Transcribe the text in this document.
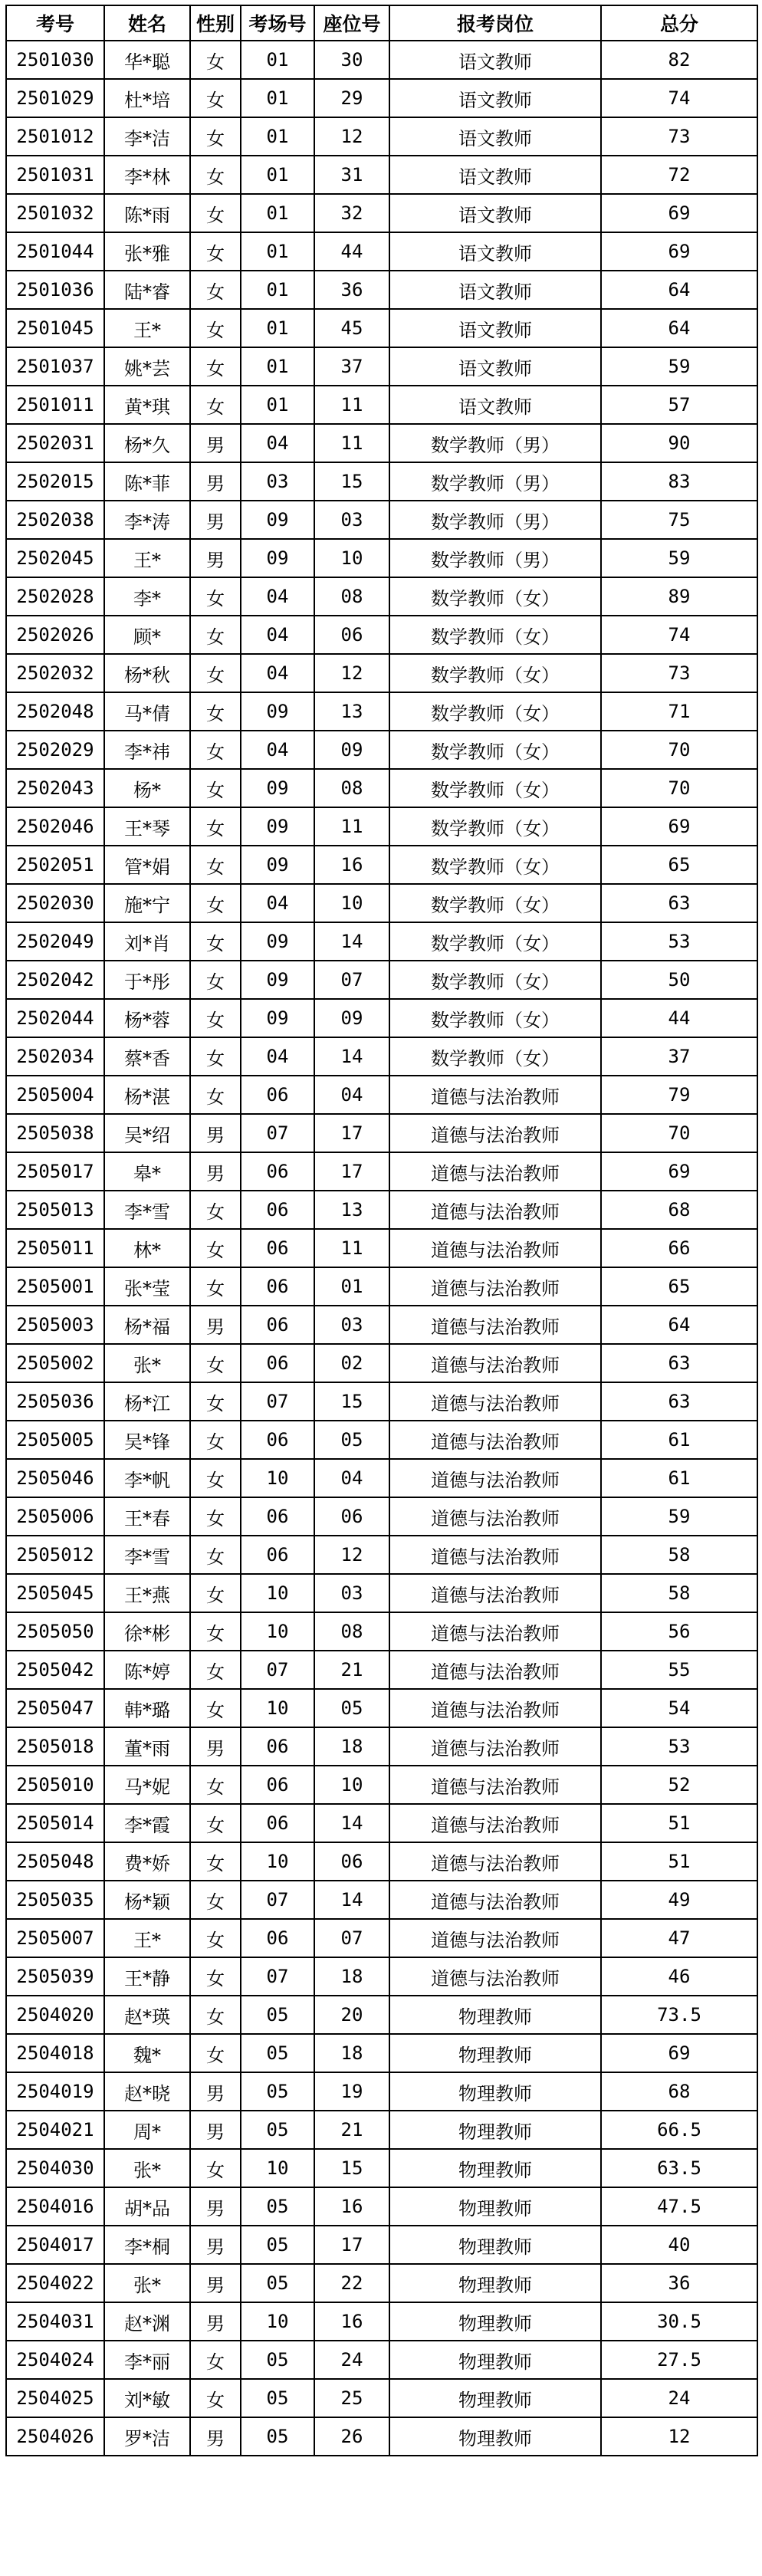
考号	姓名	性别	考场号	座位号	报考岗位	总分
2501030	华*聪	女	01	30	语文教师	82
2501029	杜*培	女	01	29	语文教师	74
2501012	李*洁	女	01	12	语文教师	73
2501031	李*林	女	01	31	语文教师	72
2501032	陈*雨	女	01	32	语文教师	69
2501044	张*雅	女	01	44	语文教师	69
2501036	陆*睿	女	01	36	语文教师	64
2501045	王*	女	01	45	语文教师	64
2501037	姚*芸	女	01	37	语文教师	59
2501011	黄*琪	女	01	11	语文教师	57
2502031	杨*久	男	04	11	数学教师（男）	90
2502015	陈*菲	男	03	15	数学教师（男）	83
2502038	李*涛	男	09	03	数学教师（男）	75
2502045	王*	男	09	10	数学教师（男）	59
2502028	李*	女	04	08	数学教师（女）	89
2502026	顾*	女	04	06	数学教师（女）	74
2502032	杨*秋	女	04	12	数学教师（女）	73
2502048	马*倩	女	09	13	数学教师（女）	71
2502029	李*祎	女	04	09	数学教师（女）	70
2502043	杨*	女	09	08	数学教师（女）	70
2502046	王*琴	女	09	11	数学教师（女）	69
2502051	管*娟	女	09	16	数学教师（女）	65
2502030	施*宁	女	04	10	数学教师（女）	63
2502049	刘*肖	女	09	14	数学教师（女）	53
2502042	于*彤	女	09	07	数学教师（女）	50
2502044	杨*蓉	女	09	09	数学教师（女）	44
2502034	蔡*香	女	04	14	数学教师（女）	37
2505004	杨*湛	女	06	04	道德与法治教师	79
2505038	吴*绍	男	07	17	道德与法治教师	70
2505017	皋*	男	06	17	道德与法治教师	69
2505013	李*雪	女	06	13	道德与法治教师	68
2505011	林*	女	06	11	道德与法治教师	66
2505001	张*莹	女	06	01	道德与法治教师	65
2505003	杨*福	男	06	03	道德与法治教师	64
2505002	张*	女	06	02	道德与法治教师	63
2505036	杨*江	女	07	15	道德与法治教师	63
2505005	吴*锋	女	06	05	道德与法治教师	61
2505046	李*帆	女	10	04	道德与法治教师	61
2505006	王*春	女	06	06	道德与法治教师	59
2505012	李*雪	女	06	12	道德与法治教师	58
2505045	王*燕	女	10	03	道德与法治教师	58
2505050	徐*彬	女	10	08	道德与法治教师	56
2505042	陈*婷	女	07	21	道德与法治教师	55
2505047	韩*璐	女	10	05	道德与法治教师	54
2505018	董*雨	男	06	18	道德与法治教师	53
2505010	马*妮	女	06	10	道德与法治教师	52
2505014	李*霞	女	06	14	道德与法治教师	51
2505048	费*娇	女	10	06	道德与法治教师	51
2505035	杨*颖	女	07	14	道德与法治教师	49
2505007	王*	女	06	07	道德与法治教师	47
2505039	王*静	女	07	18	道德与法治教师	46
2504020	赵*瑛	女	05	20	物理教师	73.5
2504018	魏*	女	05	18	物理教师	69
2504019	赵*晓	男	05	19	物理教师	68
2504021	周*	男	05	21	物理教师	66.5
2504030	张*	女	10	15	物理教师	63.5
2504016	胡*品	男	05	16	物理教师	47.5
2504017	李*桐	男	05	17	物理教师	40
2504022	张*	男	05	22	物理教师	36
2504031	赵*渊	男	10	16	物理教师	30.5
2504024	李*丽	女	05	24	物理教师	27.5
2504025	刘*敏	女	05	25	物理教师	24
2504026	罗*洁	男	05	26	物理教师	12
